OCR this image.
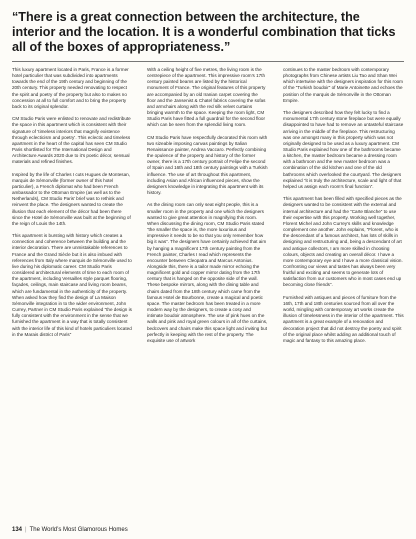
“There is a great connection between the architecture, the interior and the location. It is a wonderful combination that ticks all of the boxes of appropriateness.”

This luxury apartment located in Paris, France is a former hotel particulier that was subdivided into apartments towards the end of the 19th century and beginning of the 20th century. This property needed renovating to respect the spirit and poetry of the property but also to makes no concession at all to full comfort and to bring the property back to its original splendor.

CM Studio Paris were enlisted to renovate and redistribute the space in this apartment which is consistent with their signature of ‘timeless interiors that magnify existence through eclecticism and poetry’. This eclectic and timeless apartment in the heart of the capital has seen CM Studio Paris shortlisted for The International Design and Architecture Awards 2020 due to it’s poetic décor, sensual materials and refined finishes.

Inspired by the life of Charles I cuts Hugues de Montesan, marquis de Sémonville (former owner of this hotel particulier), a French diplomat who had been French ambassador to the Ottoman Empire (as well as to the Netherlands), CM Studio Paris’ brief was to rethink and reinvent the place. The designers wanted to create the illusion that each element of the décor had been there since the Hotel de Sémonville was built at the beginning of the reign of Louis the 14th.

This apartment is bursting with history which creates a connection and coherence between the building and the interior decoration. There are unmistakable references to France and the Grand Siècle but it is also imbued with references from Italy where marquis de Sémonville used to live during his diplomatic career. CM Studio Paris considered architectural elements of time to each room of the apartment, including Versailles style parquet flooring, façades, ceilings, main staircase and living room beams, which are fundamental in the authenticity of the property. When asked how they find the design of La Maison Sémonville integration in to the wider environment, John Currey, Partner in CM Studio Paris explained “the design is fully consistent with the environment in the sense that we furnished the apartment in a way that is totally consistent with the interior life of this kind of hotels particuliers located in the Marais district of Paris”

With a ceiling height of five metres, the living room is the centrepiece of the apartment. This impressive room’s 17th century painted beams are listed by the historical monument of France. The original features of this property are accompanied by an old Iranian carpet covering the floor and the Jansenist & Chatel fabrics covering the sofas and armchairs along with the red silk velvet curtains bringing warmth to the space. Keeping the room light, CM Studio Paris have fitted a full guardrail for the second floor which can be seen from the splendid living room.

CM Studio Paris have respectfully decorated this room with two sizeable imposing canvas paintings by Italian Renaissance painter, Andrea Vaccaro. Perfectly combining the opulence of the property and history of the former owner, there is a 17th century portrait of Felipe the second of Spain and 16th and 18th century paintings with a Turkish influence. The use of art throughout this apartment, including Asian and African influenced pieces, show the designers knowledge in integrating this apartment with its history.

As the dining room can only seat eight people, this is a smaller room in the property and one which the designers wanted to give great attention in magnifying this room. When discussing the dining room, CM Studio Paris stated “the smaller the space is, the more luxurious and impressive it needs to be so that you only remember how big it was”. The designers have certainly achieved that aim by hanging a magnificent 17th century painting from the French painter, Charles I read which represents the encounter between Cleopatra and Marcus Antonius. Alongside this, there is a tailor made mirror echoing the magnificent gold and copper mirror dating from the 17th century that is hanged on the opposite side of the wall. These bespoke mirrors, along with the dining table and chairs dated from the 18th century which came from the famous Hotel de Bourbonne, create a magical and poetic space. The master bedroom has been treated in a more modern way by the designers, to create a cosy and intimate boudoir atmosphere. The use of pink hues on the walls and pink and royal green colours in all of the curtains, bedcovers and chairs make this space light and inviting but perfectly in keeping with the rest of the property. The exquisite use of artwork

continues to the master bedroom with contemporary photographs from Chinese artists Liu Tao and Shan Wei which intertwine with the designers inspiration for this room of the “Turkish boudoir” of Marie Antoinette and echoes the position of the marquis de Sémonville in the Ottoman Empire.

The designers described how they felt lucky to find a monumental 17th century stone fireplace but were equally disappointed to have had to remove an untasteful staircase arriving in the middle of the fireplace. This restructuring was one amongst many in this property which was not originally designed to be used as a luxury apartment. CM Studio Paris explained how one of the bathrooms became a kitchen, the master bedroom became a dressing room with a bathroom and the new master bedroom was a combination of the old kitchen and one of the old bathrooms which overlooked the courtyard. The designers explained “it is truly the architecture, scale and light of that helped us assign each room’s final function”.

This apartment has been filled with specified pieces as the designers wanted to be consistent with the external and internal architecture and had the “Carte Blanche” to use their expertise with this property. Working well together, Florent Michel and John Currey’s skills and knowledge complement one another. John explains, “Florent, who is the descendant of a famous architect, has lots of skills in designing and restructuring and, being a descendant of art and antique collectors, I am more skilled in choosing colours, objects and creating an overall décor. I have a more contemporary eye and I have a more classical vision. Confronting our views and tastes has always been very fruitful and exciting and seems to generate lots of satisfaction from our customers who in most cases end up becoming close friends”.

Furnished with antiques and pieces of furniture from the 16th, 17th and 18th centuries sourced from all over the world, mingling with contemporary art works create the illusion of timelessness in the interior of the apartment. This apartment is a great example of a renovation and decoration project that did not destroy the poetry and spirit of the original place whilst adding an additional touch of magic and fantasy to this amazing place.

134 | The World’s Most Glamorous Homes
